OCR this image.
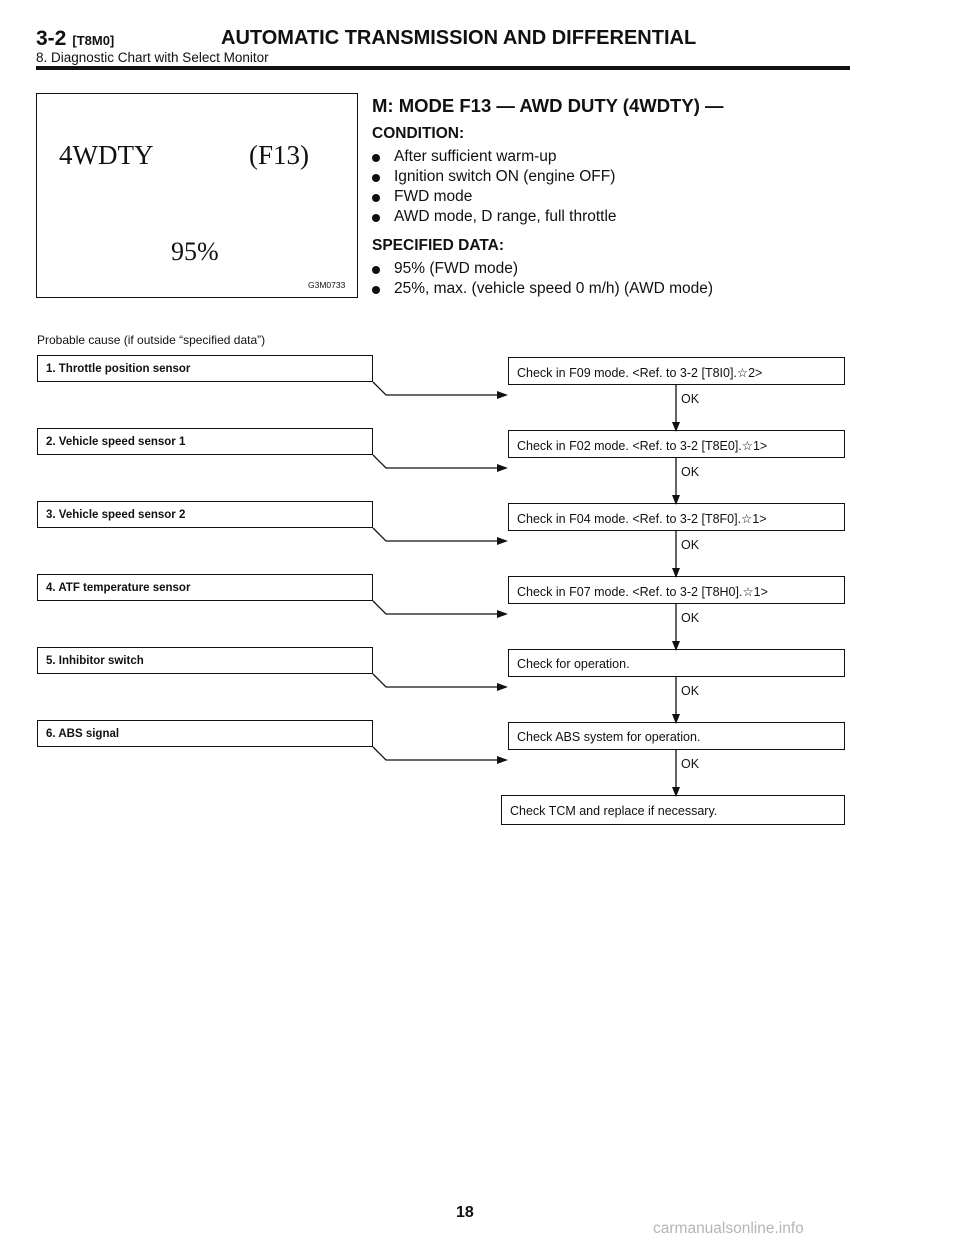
3-2 [T8M0]	AUTOMATIC TRANSMISSION AND DIFFERENTIAL
8. Diagnostic Chart with Select Monitor
4WDTY	(F13)
95%
G3M0733

M: MODE F13 — AWD DUTY (4WDTY) —

CONDITION:

After sufficient warm-up
Ignition switch ON (engine OFF)
FWD mode
AWD mode, D range, full throttle

SPECIFIED DATA:

95% (FWD mode)
25%, max. (vehicle speed 0 m/h) (AWD mode)
Probable cause (if outside “specified data”)
1. Throttle position sensor	Check in F09 mode. <Ref. to 3-2 [T8I0].☆2>
OK
2. Vehicle speed sensor 1	Check in F02 mode. <Ref. to 3-2 [T8E0].☆1>
OK
3. Vehicle speed sensor 2	Check in F04 mode. <Ref. to 3-2 [T8F0].☆1>
OK
4. ATF temperature sensor	Check in F07 mode. <Ref. to 3-2 [T8H0].☆1>
OK
5. Inhibitor switch	Check for operation.
OK
6. ABS signal	Check ABS system for operation.
OK
Check TCM and replace if necessary.
18
carmanualsonline.info
